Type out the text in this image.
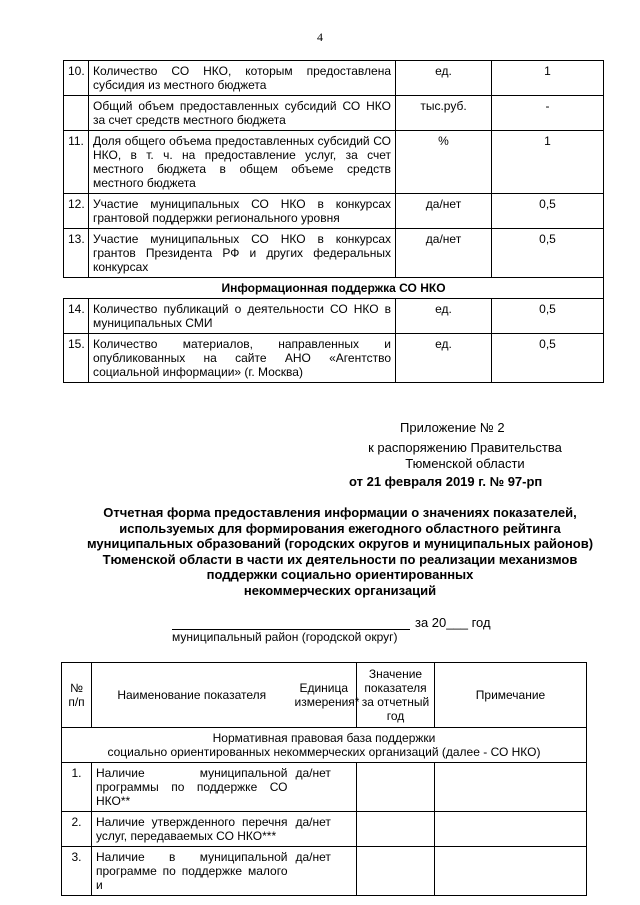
4
10.	Количество СО НКО, которым предоставлена субсидия из местного бюджета	ед.	1
	Общий объем предоставленных субсидий СО НКО за счет средств местного бюджета	тыс.руб.	-
11.	Доля общего объема предоставленных субсидий СО НКО, в т. ч. на предоставление услуг, за счет местного бюджета в общем объеме средств местного бюджета	%	1
12.	Участие муниципальных СО НКО в конкурсах грантовой поддержки регионального уровня	да/нет	0,5
13.	Участие муниципальных СО НКО в конкурсах грантов Президента РФ и других федеральных конкурсах	да/нет	0,5
Информационная поддержка СО НКО			
14.	Количество публикаций о деятельности СО НКО в муниципальных СМИ	ед.	0,5
15.	Количество материалов, направленных и опубликованных на сайте АНО «Агентство социальной информации» (г. Москва)	ед.	0,5
Приложение № 2
к распоряжению Правительства Тюменской области
от 21 февраля 2019 г. № 97-рп
Отчетная форма предоставления информации о значениях показателей,
используемых для формирования ежегодного областного рейтинга
муниципальных образований (городских округов и муниципальных районов)
Тюменской области в части их деятельности по реализации механизмов
поддержки социально ориентированных
некоммерческих организаций
за 20___ год
муниципальный район (городской округ)
№ п/п	Наименование показателя	Единица измерения*	Значение показателя за отчетный год	Примечание

Нормативная правовая база поддержки
социально ориентированных некоммерческих организаций (далее - СО НКО)				

1.	Наличие муниципальной программы по поддержке СО НКО**	да/нет		
2.	Наличие утвержденного перечня услуг, передаваемых СО НКО***	да/нет		
3.	Наличие в муниципальной программе по поддержке малого и	да/нет		
